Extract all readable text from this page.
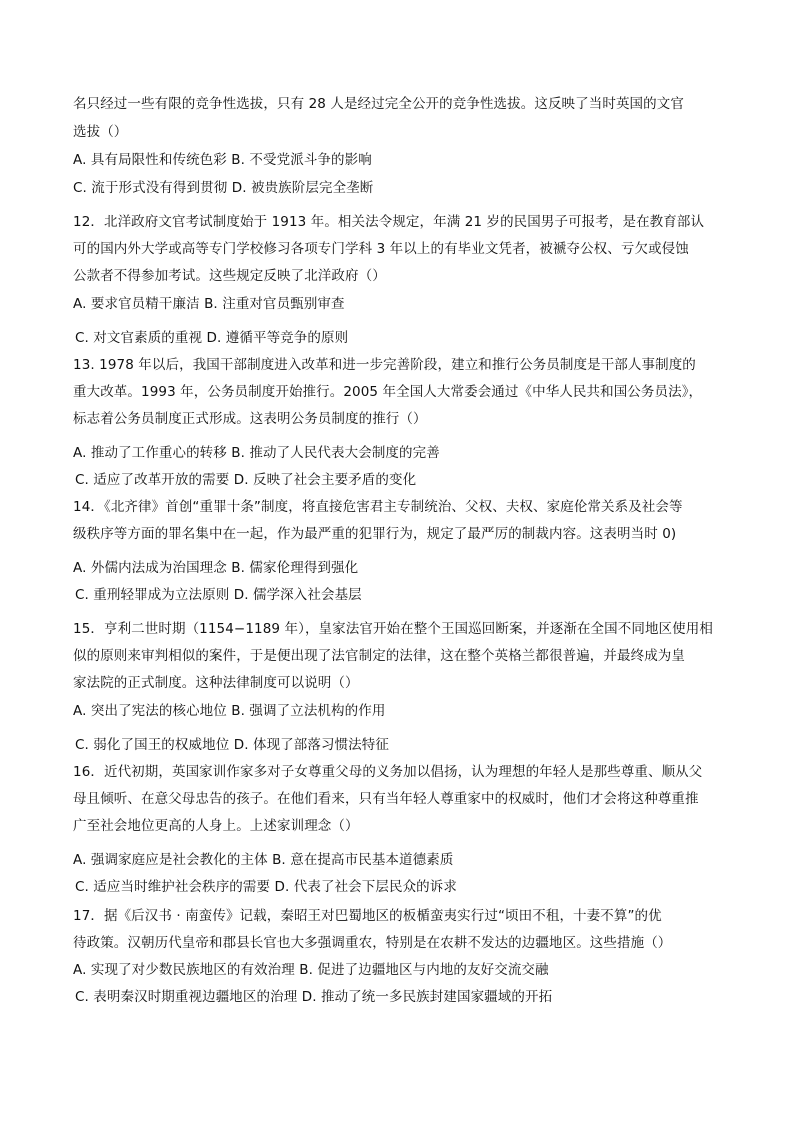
名只经过一些有限的竞争性选拔，只有 28 人是经过完全公开的竞争性选拔。这反映了当时英国的文官
选拔（）
A. 具有局限性和传统色彩 B. 不受党派斗争的影响
C. 流于形式没有得到贯彻 D. 被贵族阶层完全垄断
12．北洋政府文官考试制度始于 1913 年。相关法令规定，年满 21 岁的民国男子可报考，是在教育部认
可的国内外大学或高等专门学校修习各项专门学科 3 年以上的有毕业文凭者，被褫夺公权、亏欠或侵蚀
公款者不得参加考试。这些规定反映了北洋政府（）
A. 要求官员精干廉洁 B. 注重对官员甄别审查
C. 对文官素质的重视 D. 遵循平等竞争的原则
13. 1978 年以后，我国干部制度进入改革和进一步完善阶段，建立和推行公务员制度是干部人事制度的
重大改革。1993 年，公务员制度开始推行。2005 年全国人大常委会通过《中华人民共和国公务员法》，
标志着公务员制度正式形成。这表明公务员制度的推行（）
A. 推动了工作重心的转移 B. 推动了人民代表大会制度的完善
C. 适应了改革开放的需要 D. 反映了社会主要矛盾的变化
14．《北齐律》首创“重罪十条”制度，将直接危害君主专制统治、父权、夫权、家庭伦常关系及社会等
级秩序等方面的罪名集中在一起，作为最严重的犯罪行为，规定了最严厉的制裁内容。这表明当时 0)
A. 外儒内法成为治国理念 B. 儒家伦理得到强化
C. 重刑轻罪成为立法原则 D. 儒学深入社会基层
15．亨利二世时期（1154−1189 年），皇家法官开始在整个王国巡回断案，并逐渐在全国不同地区使用相
似的原则来审判相似的案件，于是便出现了法官制定的法律，这在整个英格兰都很普遍，并最终成为皇
家法院的正式制度。这种法律制度可以说明（）
A. 突出了宪法的核心地位 B. 强调了立法机构的作用
C. 弱化了国王的权威地位 D. 体现了部落习惯法特征
16．近代初期，英国家训作家多对子女尊重父母的义务加以倡扬，认为理想的年轻人是那些尊重、顺从父
母且倾听、在意父母忠告的孩子。在他们看来，只有当年轻人尊重家中的权威时，他们才会将这种尊重推
广至社会地位更高的人身上。上述家训理念（）
A. 强调家庭应是社会教化的主体 B. 意在提高市民基本道德素质
C. 适应当时维护社会秩序的需要 D. 代表了社会下层民众的诉求
17．据《后汉书 · 南蛮传》记载，秦昭王对巴蜀地区的板楯蛮夷实行过“顷田不租，十妻不算”的优
待政策。汉朝历代皇帝和郡县长官也大多强调重农，特别是在农耕不发达的边疆地区。这些措施（）
A. 实现了对少数民族地区的有效治理 B. 促进了边疆地区与内地的友好交流交融
C. 表明秦汉时期重视边疆地区的治理 D. 推动了统一多民族封建国家疆域的开拓
